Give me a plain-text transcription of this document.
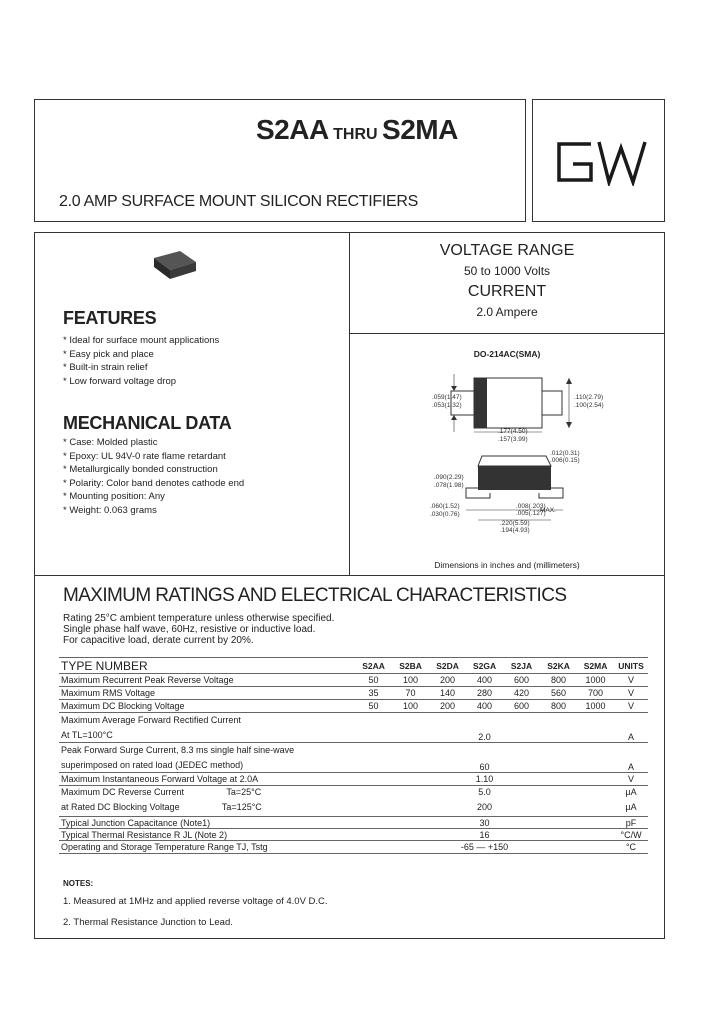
S2AA THRU S2MA
2.0 AMP SURFACE MOUNT SILICON RECTIFIERS
FEATURES
* Ideal for surface mount applications
* Easy pick and place
* Built-in strain relief
* Low forward voltage drop
MECHANICAL DATA
* Case: Molded plastic
* Epoxy: UL 94V-0 rate flame retardant
* Metallurgically bonded construction
* Polarity: Color band denotes cathode end
* Mounting position: Any
* Weight: 0.063 grams
VOLTAGE RANGE
50 to 1000 Volts
CURRENT
2.0 Ampere
DO-214AC(SMA)
.059(1.47)
.053(1.32)
.110(2.79)
.100(2.54)
.177(4.50)
.157(3.99)
.012(0.31)
.006(0.15)
.090(2.29)
.078(1.98)
.060(1.52)
.030(0.76)
.008(.203)
.005(.127)
MAX.
.220(5.59)
.194(4.93)
Dimensions in inches and (millimeters)
MAXIMUM RATINGS AND ELECTRICAL CHARACTERISTICS
Rating 25°C ambient temperature unless otherwise specified.
Single phase half wave, 60Hz, resistive or inductive load.
For capacitive load, derate current by 20%.
TYPE NUMBER	S2AA	S2BA	S2DA	S2GA	S2JA	S2KA	S2MA	UNITS
Maximum Recurrent Peak Reverse Voltage	50	100	200	400	600	800	1000	V
Maximum RMS Voltage	35	70	140	280	420	560	700	V
Maximum DC Blocking Voltage	50	100	200	400	600	800	1000	V

Maximum Average Forward Rectified Current
At TL=100°C	2.0							A

Peak Forward Surge Current, 8.3 ms single half sine-wave
superimposed on rated load (JEDEC method)	60							A
Maximum Instantaneous Forward Voltage at 2.0A	1.10							V
Maximum DC Reverse Current Ta=25°C	5.0							µA
at Rated DC Blocking Voltage Ta=125°C	200							µA
Typical Junction Capacitance (Note1)	30							pF
Typical Thermal Resistance R JL (Note 2)	16							°C/W
Operating and Storage Temperature Range TJ, Tstg	-65 — +150							°C
NOTES:
1. Measured at 1MHz and applied reverse voltage of 4.0V D.C.
2. Thermal Resistance Junction to Lead.
